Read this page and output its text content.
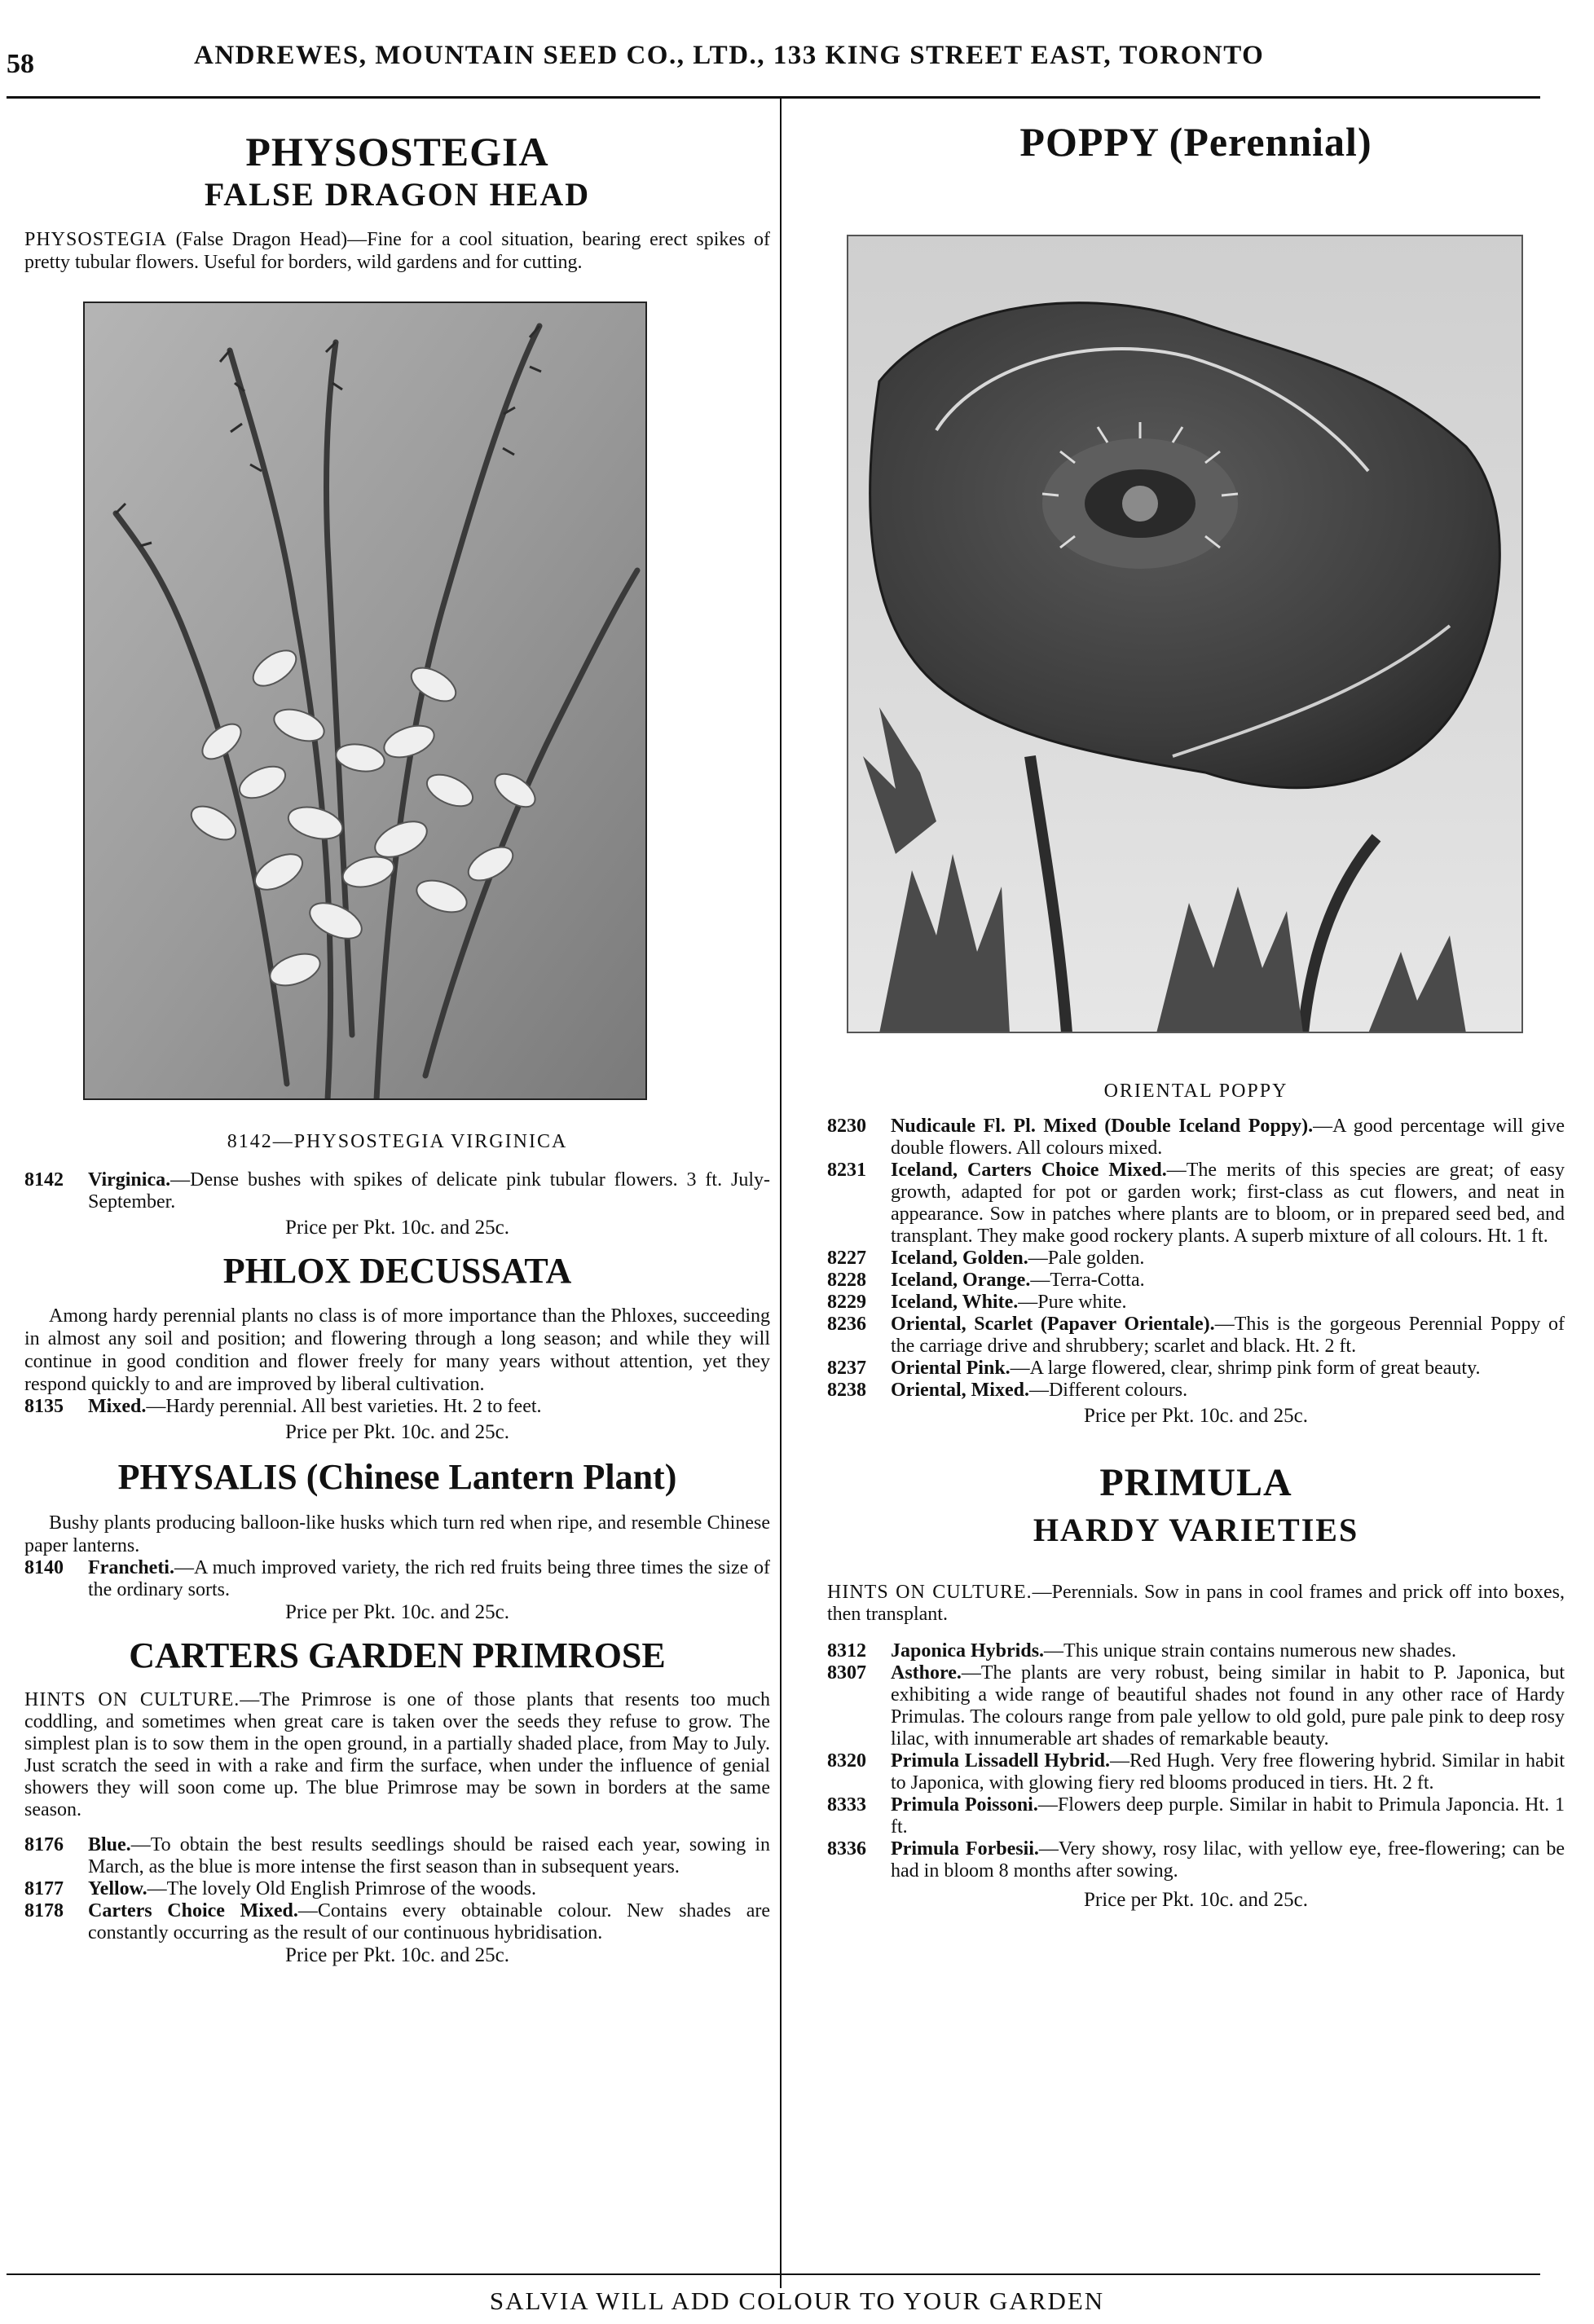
58	ANDREWES, MOUNTAIN SEED CO., LTD., 133 KING STREET EAST, TORONTO
PHYSOSTEGIA
FALSE DRAGON HEAD

PHYSOSTEGIA (False Dragon Head)—Fine for a cool situation, bearing erect spikes of pretty tubular flowers. Useful for borders, wild gardens and for cutting.

8142—PHYSOSTEGIA VIRGINICA

8142	Virginica.—Dense bushes with spikes of delicate pink tubular flowers. 3 ft. July-September.

Price per Pkt. 10c. and 25c.

PHLOX DECUSSATA

Among hardy perennial plants no class is of more importance than the Phloxes, succeeding in almost any soil and position; and flowering through a long season; and while they will continue in good condition and flower freely for many years without attention, yet they respond quickly to and are improved by liberal cultivation.

8135	Mixed.—Hardy perennial. All best varieties. Ht. 2 to feet.

Price per Pkt. 10c. and 25c.

PHYSALIS (Chinese Lantern Plant)

Bushy plants producing balloon-like husks which turn red when ripe, and resemble Chinese paper lanterns.

8140	Francheti.—A much improved variety, the rich red fruits being three times the size of the ordinary sorts.

Price per Pkt. 10c. and 25c.

CARTERS GARDEN PRIMROSE

HINTS ON CULTURE.—The Primrose is one of those plants that resents too much coddling, and sometimes when great care is taken over the seeds they refuse to grow. The simplest plan is to sow them in the open ground, in a partially shaded place, from May to July. Just scratch the seed in with a rake and firm the surface, when under the influence of genial showers they will soon come up. The blue Primrose may be sown in borders at the same season.

8176	Blue.—To obtain the best results seedlings should be raised each year, sowing in March, as the blue is more intense the first season than in subsequent years.
8177	Yellow.—The lovely Old English Primrose of the woods.
8178	Carters Choice Mixed.—Contains every obtainable colour. New shades are constantly occurring as the result of our continuous hybridisation.

Price per Pkt. 10c. and 25c.

POPPY (Perennial)

ORIENTAL POPPY

8230	Nudicaule Fl. Pl. Mixed (Double Iceland Poppy).—A good percentage will give double flowers. All colours mixed.
8231	Iceland, Carters Choice Mixed.—The merits of this species are great; of easy growth, adapted for pot or garden work; first-class as cut flowers, and neat in appearance. Sow in patches where plants are to bloom, or in prepared seed bed, and transplant. They make good rockery plants. A superb mixture of all colours. Ht. 1 ft.
8227	Iceland, Golden.—Pale golden.
8228	Iceland, Orange.—Terra-Cotta.
8229	Iceland, White.—Pure white.
8236	Oriental, Scarlet (Papaver Orientale).—This is the gorgeous Perennial Poppy of the carriage drive and shrubbery; scarlet and black. Ht. 2 ft.
8237	Oriental Pink.—A large flowered, clear, shrimp pink form of great beauty.
8238	Oriental, Mixed.—Different colours.

Price per Pkt. 10c. and 25c.

PRIMULA
HARDY VARIETIES

HINTS ON CULTURE.—Perennials. Sow in pans in cool frames and prick off into boxes, then transplant.

8312	Japonica Hybrids.—This unique strain contains numerous new shades.
8307	Asthore.—The plants are very robust, being similar in habit to P. Japonica, but exhibiting a wide range of beautiful shades not found in any other race of Hardy Primulas. The colours range from pale yellow to old gold, pure pale pink to deep rosy lilac, with innumerable art shades of remarkable beauty.
8320	Primula Lissadell Hybrid.—Red Hugh. Very free flowering hybrid. Similar in habit to Japonica, with glowing fiery red blooms produced in tiers. Ht. 2 ft.
8333	Primula Poissoni.—Flowers deep purple. Similar in habit to Primula Japoncia. Ht. 1 ft.
8336	Primula Forbesii.—Very showy, rosy lilac, with yellow eye, free-flowering; can be had in bloom 8 months after sowing.

Price per Pkt. 10c. and 25c.

SALVIA WILL ADD COLOUR TO YOUR GARDEN
